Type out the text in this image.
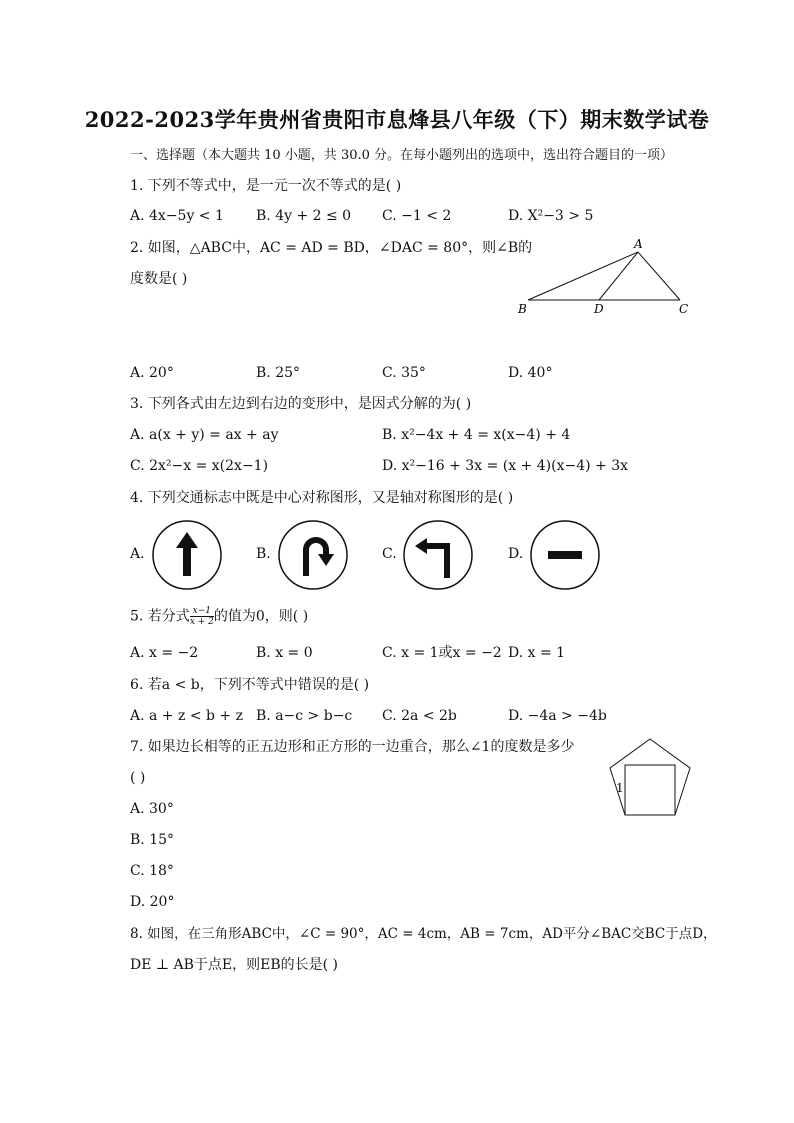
2022-2023学年贵州省贵阳市息烽县八年级（下）期末数学试卷
一、选择题（本大题共 10 小题，共 30.0 分。在每小题列出的选项中，选出符合题目的一项）
1. 下列不等式中，是一元一次不等式的是( )
A. 4x−5y < 1 B. 4y + 2 ≤ 0 C. −1 < 2	D. X²−3 > 5
2. 如图，△ABC中，AC = AD = BD，∠DAC = 80°，则∠B的
度数是( )
A
B	D	C
A. 20°	B. 25°	C. 35°	D. 40°
3. 下列各式由左边到右边的变形中，是因式分解的为( )
A. a(x + y) = ax + ay	B. x²−4x + 4 = x(x−4) + 4
C. 2x²−x = x(2x−1)	D. x²−16 + 3x = (x + 4)(x−4) + 3x
4. 下列交通标志中既是中心对称图形，又是轴对称图形的是( )
A.	B.	C.	D.
5. 若分式 $\frac{x-1}{x + 2}$ 的值为0，则( )
A. x = −2	B. x = 0	C. x = 1或x = −2 D. x = 1
6. 若a < b，下列不等式中错误的是( )
A. a + z < b + z B. a−c > b−c C. 2a < 2b	D. −4a > −4b
7. 如果边长相等的正五边形和正方形的一边重合，那么∠1的度数是多少
( )
1
A. 30°
B. 15°
C. 18°
D. 20°
8. 如图，在三角形ABC中，∠C = 90°，AC = 4cm，AB = 7cm，AD平分∠BAC交BC于点D，
DE ⊥ AB于点E，则EB的长是( )
